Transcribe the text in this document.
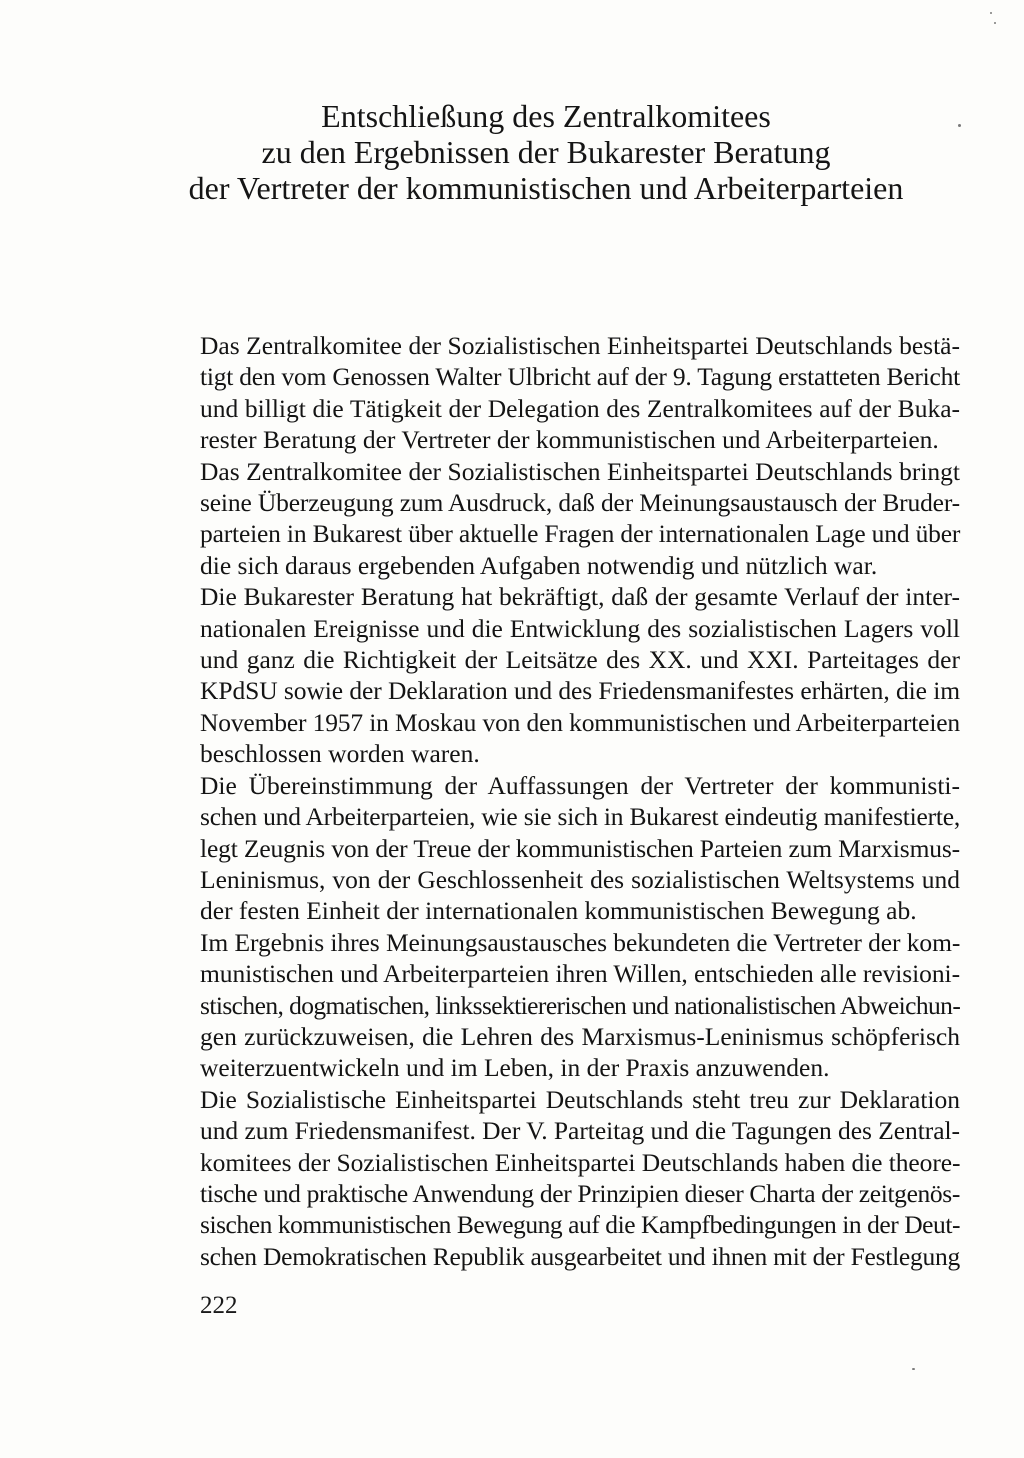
Entschließung des Zentralkomitees
zu den Ergebnissen der Bukarester Beratung
der Vertreter der kommunistischen und Arbeiterparteien
Das Zentralkomitee der Sozialistischen Einheitspartei Deutschlands bestä-
tigt den vom Genossen Walter Ulbricht auf der 9. Tagung erstatteten Bericht
und billigt die Tätigkeit der Delegation des Zentralkomitees auf der Buka-
rester Beratung der Vertreter der kommunistischen und Arbeiterparteien.
Das Zentralkomitee der Sozialistischen Einheitspartei Deutschlands bringt
seine Überzeugung zum Ausdruck, daß der Meinungsaustausch der Bruder-
parteien in Bukarest über aktuelle Fragen der internationalen Lage und über
die sich daraus ergebenden Aufgaben notwendig und nützlich war.
Die Bukarester Beratung hat bekräftigt, daß der gesamte Verlauf der inter-
nationalen Ereignisse und die Entwicklung des sozialistischen Lagers voll
und ganz die Richtigkeit der Leitsätze des XX. und XXI. Parteitages der
KPdSU sowie der Deklaration und des Friedensmanifestes erhärten, die im
November 1957 in Moskau von den kommunistischen und Arbeiterparteien
beschlossen worden waren.
Die Übereinstimmung der Auffassungen der Vertreter der kommunisti-
schen und Arbeiterparteien, wie sie sich in Bukarest eindeutig manifestierte,
legt Zeugnis von der Treue der kommunistischen Parteien zum Marxismus-
Leninismus, von der Geschlossenheit des sozialistischen Weltsystems und
der festen Einheit der internationalen kommunistischen Bewegung ab.
Im Ergebnis ihres Meinungsaustausches bekundeten die Vertreter der kom-
munistischen und Arbeiterparteien ihren Willen, entschieden alle revisioni-
stischen, dogmatischen, linkssektiererischen und nationalistischen Abweichun-
gen zurückzuweisen, die Lehren des Marxismus-Leninismus schöpferisch
weiterzuentwickeln und im Leben, in der Praxis anzuwenden.
Die Sozialistische Einheitspartei Deutschlands steht treu zur Deklaration
und zum Friedensmanifest. Der V. Parteitag und die Tagungen des Zentral-
komitees der Sozialistischen Einheitspartei Deutschlands haben die theore-
tische und praktische Anwendung der Prinzipien dieser Charta der zeitgenös-
sischen kommunistischen Bewegung auf die Kampfbedingungen in der Deut-
schen Demokratischen Republik ausgearbeitet und ihnen mit der Festlegung
222
